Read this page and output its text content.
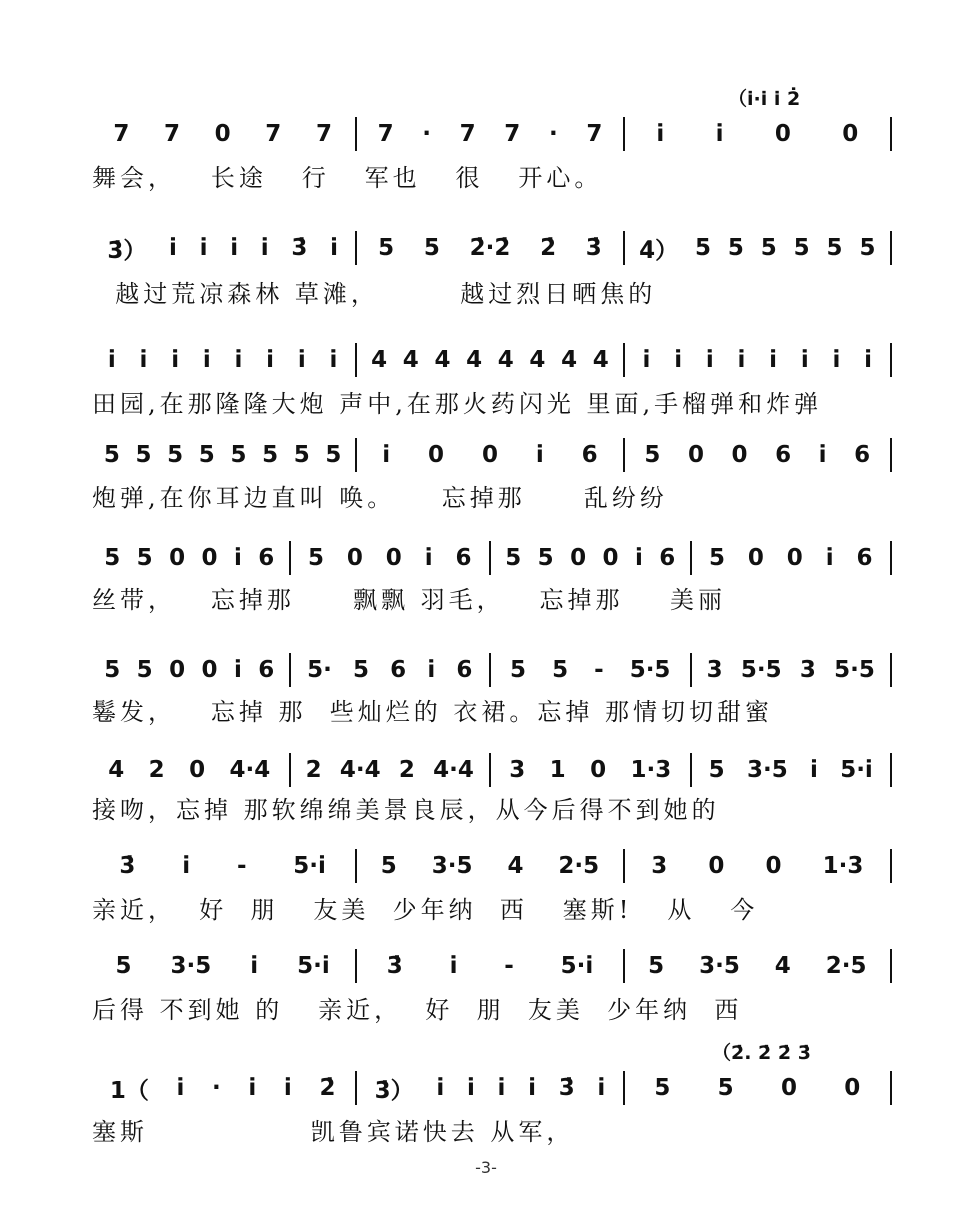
（i̇·i̇ i̇ 2̇
7 7 0 7 7 7 · 7 7 · 7 i̇ i̇ 0 0
舞会，   长途   行   军也   很   开心。
3̇） i̇ i̇ i̇ i̇ 3̇ i̇ 5 5 2̇·2̇ 2̇ 3̇ 4̇） 5 5 5 5 5 5
越过荒凉森林 草滩，       越过烈日晒焦的
i̇ i̇ i̇ i̇ i̇ i̇ i̇ i̇ 4 4 4 4 4 4 4 4 i̇ i̇ i̇ i̇ i̇ i̇ i̇ i̇
田园,在那隆隆大炮 声中,在那火药闪光 里面,手榴弹和炸弹
5 5 5 5 5 5 5 5 i̇ 0 0 i̇ 6 5 0 0 6 i̇ 6
炮弹,在你耳边直叫 唤。    忘掉那     乱纷纷
5 5 0 0 i̇ 6 5 0 0 i̇ 6 5 5 0 0 i̇ 6 5 0 0 i̇ 6
丝带，   忘掉那     飘飘 羽毛，   忘掉那    美丽
5 5 0 0 i̇ 6 5· 5 6 i̇ 6 5 5 - 5·5 3 5·5 3 5·5
鬈发，   忘掉 那  些灿烂的 衣裙。忘掉 那情切切甜蜜
4 2 0 4·4 2 4·4 2 4·4 3 1 0 1·3 5 3·5 i̇ 5·i̇
接吻，忘掉 那软绵绵美景良辰，从今后得不到她的
3̇ i̇ - 5·i̇ 5 3·5 4 2·5 3 0 0 1·3
亲近，  好  朋   友美  少年纳  西   塞斯!   从   今
5 3·5 i̇ 5·i̇ 3̇ i̇ - 5·i̇ 5 3·5 4 2·5
后得 不到她 的   亲近，  好  朋  友美  少年纳  西
（2̇. 2̇ 2̇ 3̇
1（ i̇ · i̇ i̇ 2̇ 3̇） i̇ i̇ i̇ i̇ 3̇ i̇ 5 5 0 0
塞斯              凯鲁宾诺快去 从军，
-3-
